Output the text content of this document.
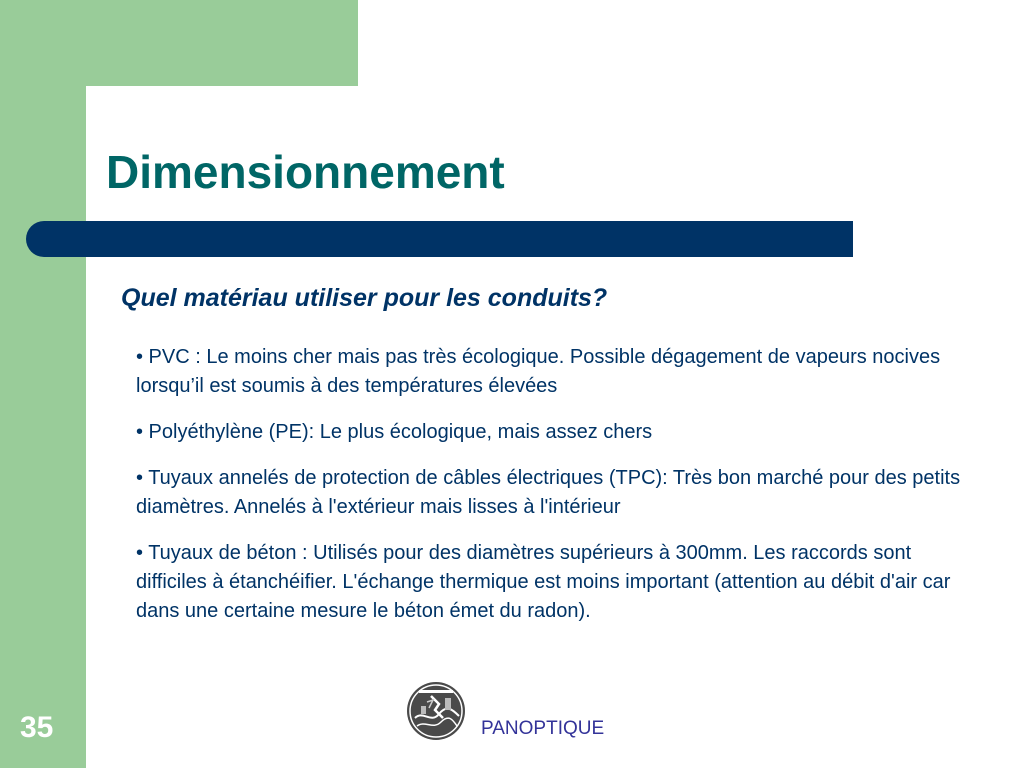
Dimensionnement
Quel matériau utiliser pour les conduits?
• PVC : Le moins cher mais pas très écologique. Possible dégagement de vapeurs nocives lorsqu’il est soumis à des températures élevées
• Polyéthylène (PE): Le plus écologique, mais assez chers
• Tuyaux annelés de protection de câbles électriques (TPC): Très bon marché pour des petits diamètres. Annelés à l'extérieur mais lisses à l'intérieur
• Tuyaux de béton : Utilisés pour des diamètres supérieurs à 300mm. Les raccords sont difficiles à étanchéifier. L'échange thermique est moins important (attention au débit d'air car dans une certaine mesure le béton émet du radon).
35	PANOPTIQUE
